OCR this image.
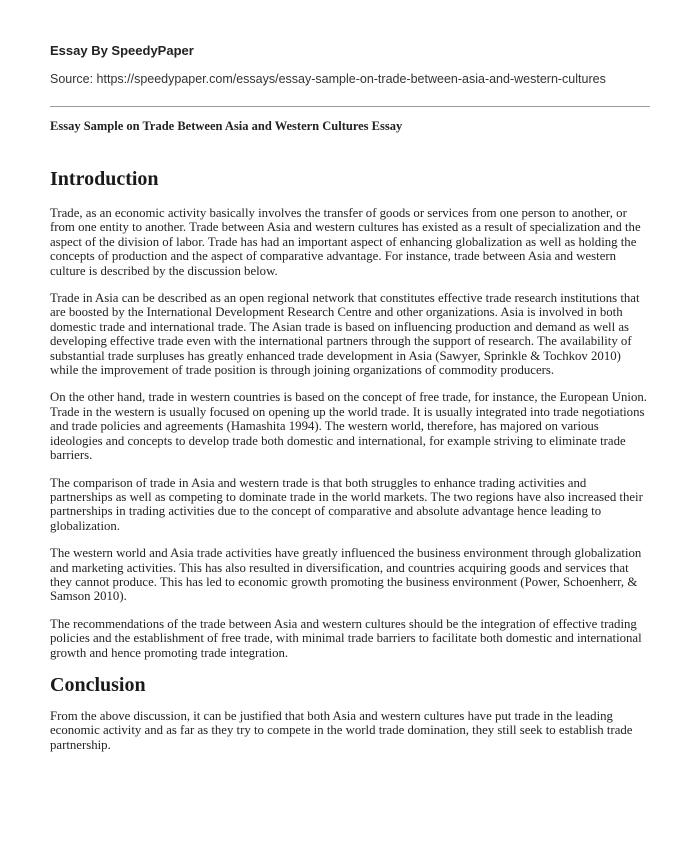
Essay By SpeedyPaper

Source: https://speedypaper.com/essays/essay-sample-on-trade-between-asia-and-western-cultures

Essay Sample on Trade Between Asia and Western Cultures Essay

Introduction

Trade, as an economic activity basically involves the transfer of goods or services from one person to another, or from one entity to another. Trade between Asia and western cultures has existed as a result of specialization and the aspect of the division of labor. Trade has had an important aspect of enhancing globalization as well as holding the concepts of production and the aspect of comparative advantage. For instance, trade between Asia and western culture is described by the discussion below.

Trade in Asia can be described as an open regional network that constitutes effective trade research institutions that are boosted by the International Development Research Centre and other organizations. Asia is involved in both domestic trade and international trade. The Asian trade is based on influencing production and demand as well as developing effective trade even with the international partners through the support of research. The availability of substantial trade surpluses has greatly enhanced trade development in Asia (Sawyer, Sprinkle & Tochkov 2010) while the improvement of trade position is through joining organizations of commodity producers.

On the other hand, trade in western countries is based on the concept of free trade, for instance, the European Union. Trade in the western is usually focused on opening up the world trade. It is usually integrated into trade negotiations and trade policies and agreements (Hamashita 1994). The western world, therefore, has majored on various ideologies and concepts to develop trade both domestic and international, for example striving to eliminate trade barriers.

The comparison of trade in Asia and western trade is that both struggles to enhance trading activities and partnerships as well as competing to dominate trade in the world markets. The two regions have also increased their partnerships in trading activities due to the concept of comparative and absolute advantage hence leading to globalization.

The western world and Asia trade activities have greatly influenced the business environment through globalization and marketing activities. This has also resulted in diversification, and countries acquiring goods and services that they cannot produce. This has led to economic growth promoting the business environment (Power, Schoenherr, & Samson 2010).

The recommendations of the trade between Asia and western cultures should be the integration of effective trading policies and the establishment of free trade, with minimal trade barriers to facilitate both domestic and international growth and hence promoting trade integration.

Conclusion

From the above discussion, it can be justified that both Asia and western cultures have put trade in the leading economic activity and as far as they try to compete in the world trade domination, they still seek to establish trade partnership.
